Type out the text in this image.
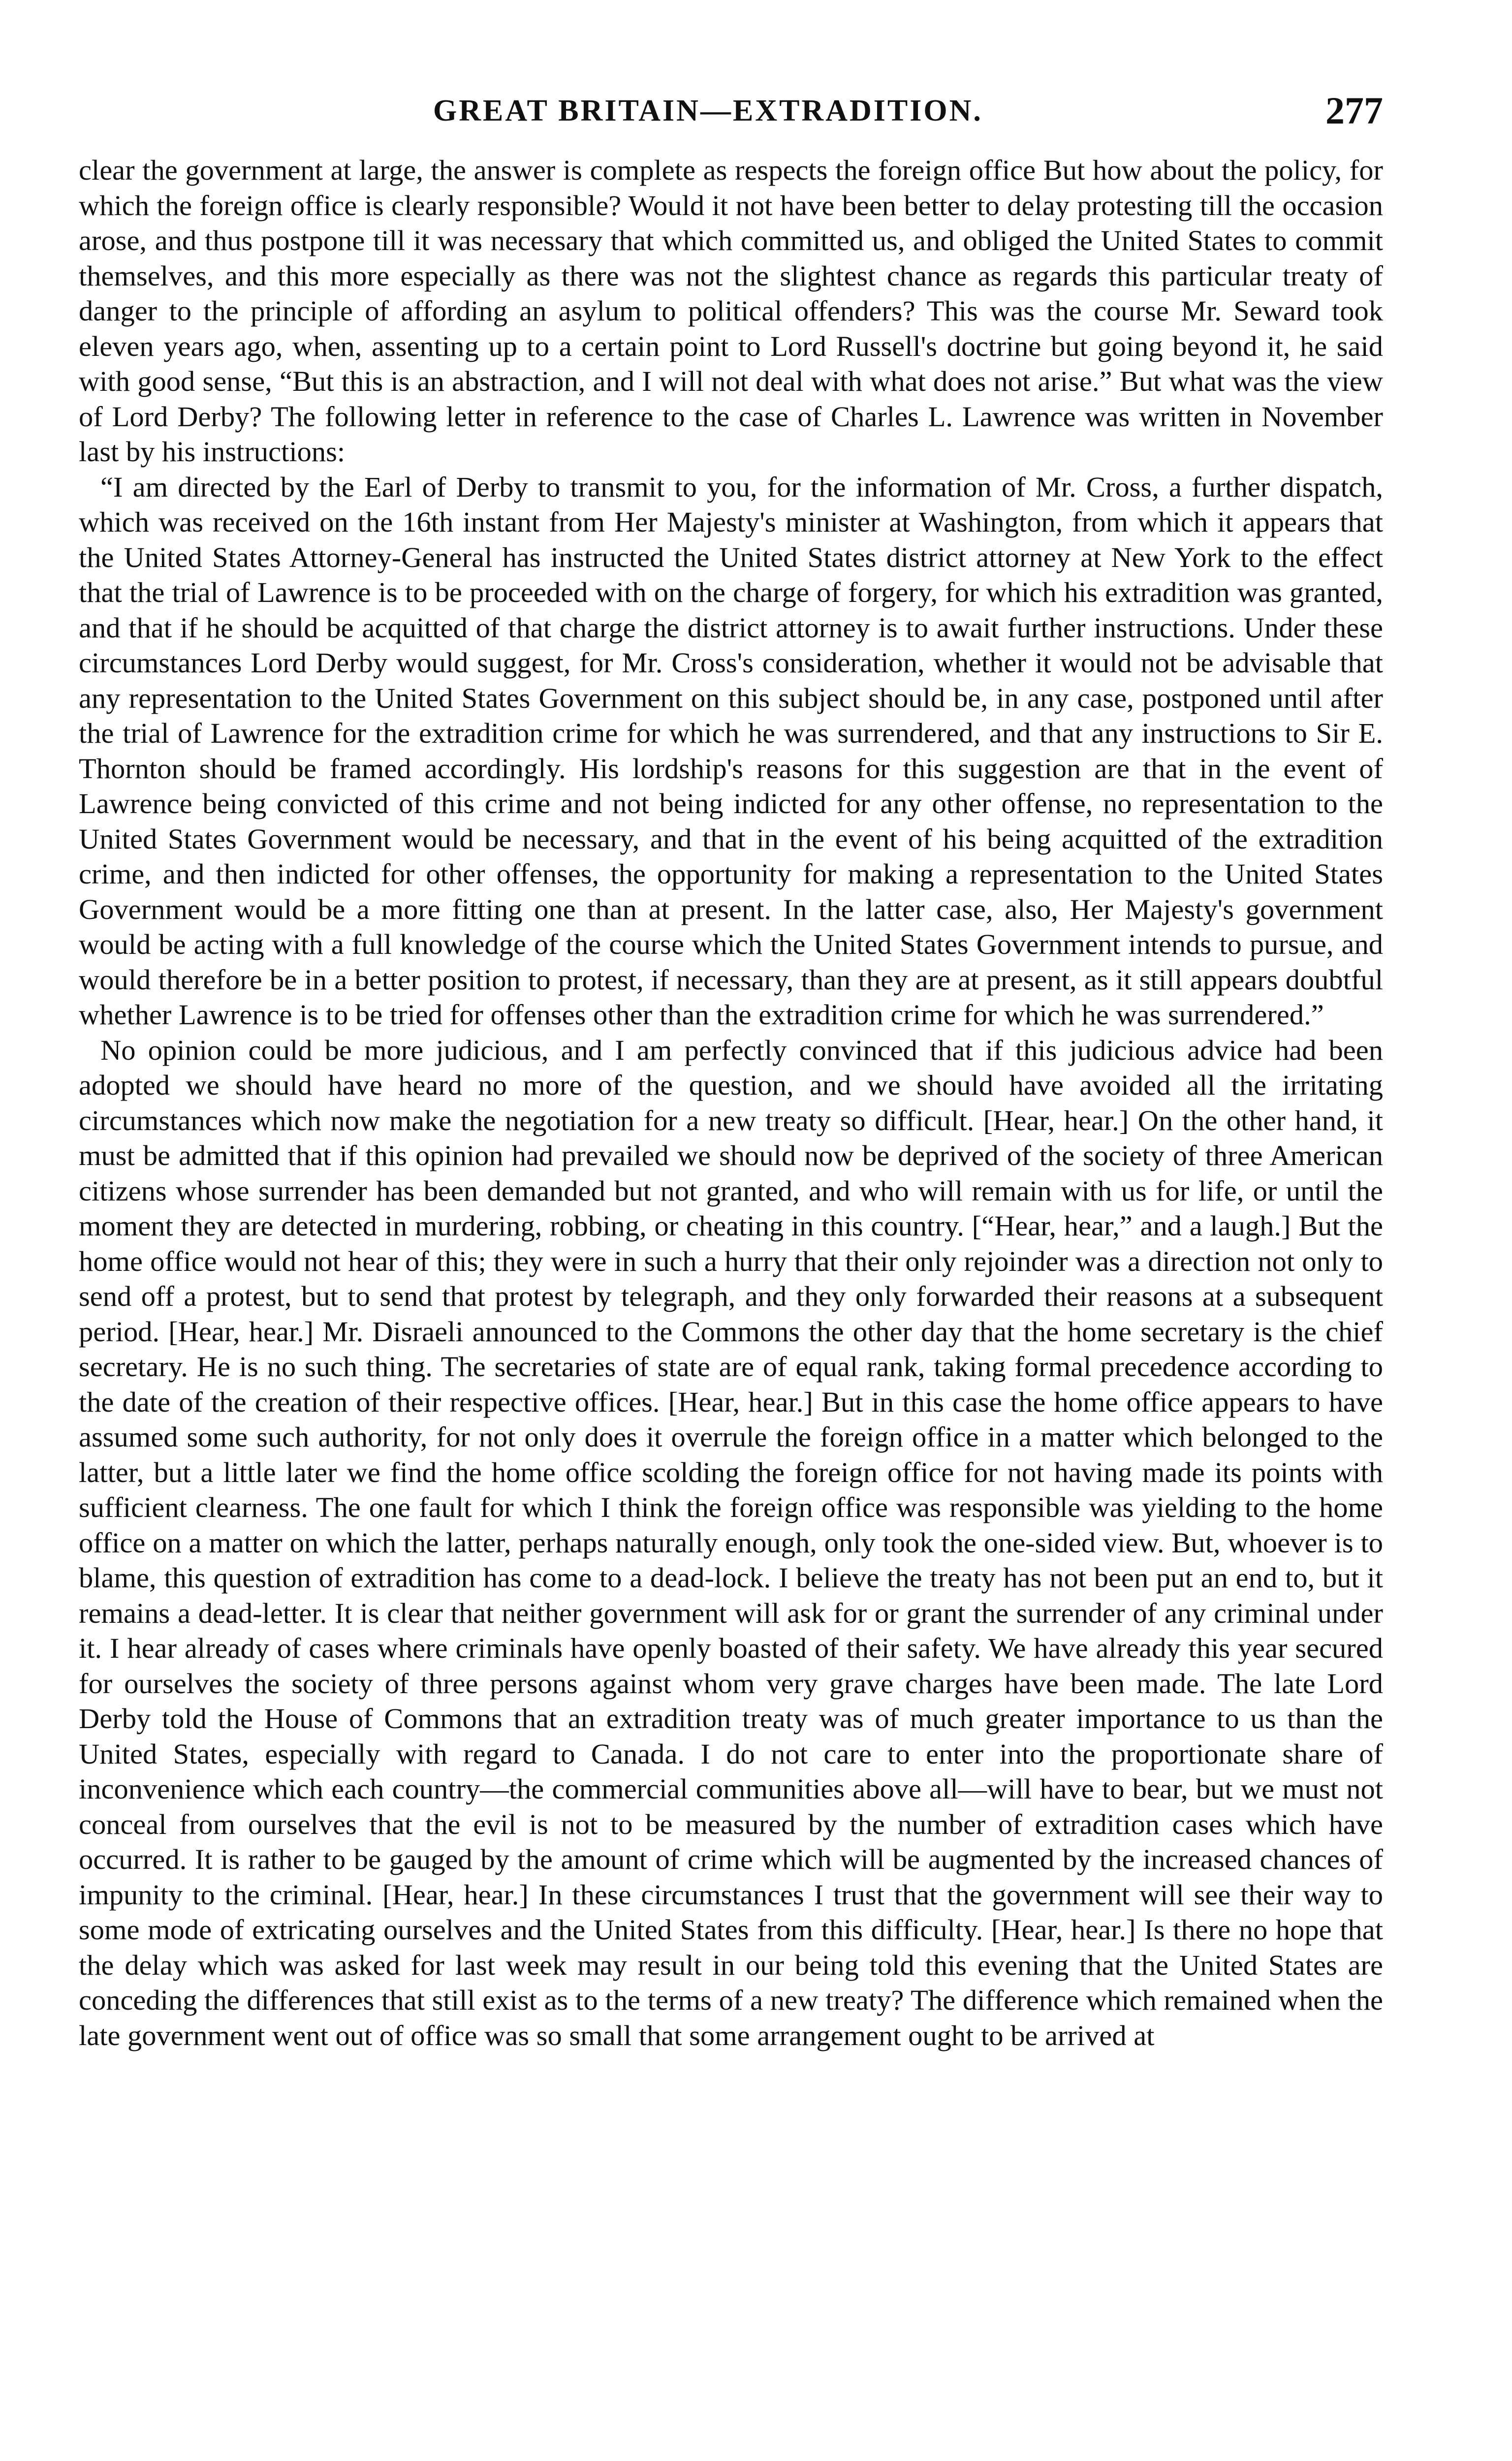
GREAT BRITAIN—EXTRADITION.	277

clear the government at large, the answer is complete as respects the foreign office But how about the policy, for which the foreign office is clearly responsible? Would it not have been better to delay protesting till the occasion arose, and thus postpone till it was necessary that which committed us, and obliged the United States to commit themselves, and this more especially as there was not the slightest chance as regards this particular treaty of danger to the principle of affording an asylum to political offenders? This was the course Mr. Seward took eleven years ago, when, assenting up to a certain point to Lord Russell's doctrine but going beyond it, he said with good sense, “But this is an abstraction, and I will not deal with what does not arise.” But what was the view of Lord Derby? The following letter in reference to the case of Charles L. Lawrence was written in November last by his instructions:

“I am directed by the Earl of Derby to transmit to you, for the information of Mr. Cross, a further dispatch, which was received on the 16th instant from Her Majesty's minister at Washington, from which it appears that the United States Attorney-General has instructed the United States district attorney at New York to the effect that the trial of Lawrence is to be proceeded with on the charge of forgery, for which his extradition was granted, and that if he should be acquitted of that charge the district attorney is to await further instructions. Under these circumstances Lord Derby would suggest, for Mr. Cross's consideration, whether it would not be advisable that any representation to the United States Government on this subject should be, in any case, postponed until after the trial of Lawrence for the extradition crime for which he was surrendered, and that any instructions to Sir E. Thornton should be framed accordingly. His lordship's reasons for this suggestion are that in the event of Lawrence being convicted of this crime and not being indicted for any other offense, no representation to the United States Government would be necessary, and that in the event of his being acquitted of the extradition crime, and then indicted for other offenses, the opportunity for making a representation to the United States Government would be a more fitting one than at present. In the latter case, also, Her Majesty's government would be acting with a full knowledge of the course which the United States Government intends to pursue, and would therefore be in a better position to protest, if necessary, than they are at present, as it still appears doubtful whether Lawrence is to be tried for offenses other than the extradition crime for which he was surrendered.”

No opinion could be more judicious, and I am perfectly convinced that if this judicious advice had been adopted we should have heard no more of the question, and we should have avoided all the irritating circumstances which now make the negotiation for a new treaty so difficult. [Hear, hear.] On the other hand, it must be admitted that if this opinion had prevailed we should now be deprived of the society of three American citizens whose surrender has been demanded but not granted, and who will remain with us for life, or until the moment they are detected in murdering, robbing, or cheating in this country. [“Hear, hear,” and a laugh.] But the home office would not hear of this; they were in such a hurry that their only rejoinder was a direction not only to send off a protest, but to send that protest by telegraph, and they only forwarded their reasons at a subsequent period. [Hear, hear.] Mr. Disraeli announced to the Commons the other day that the home secretary is the chief secretary. He is no such thing. The secretaries of state are of equal rank, taking formal precedence according to the date of the creation of their respective offices. [Hear, hear.] But in this case the home office appears to have assumed some such authority, for not only does it overrule the foreign office in a matter which belonged to the latter, but a little later we find the home office scolding the foreign office for not having made its points with sufficient clearness. The one fault for which I think the foreign office was responsible was yielding to the home office on a matter on which the latter, perhaps naturally enough, only took the one-sided view. But, whoever is to blame, this question of extradition has come to a dead-lock. I believe the treaty has not been put an end to, but it remains a dead-letter. It is clear that neither government will ask for or grant the surrender of any criminal under it. I hear already of cases where criminals have openly boasted of their safety. We have already this year secured for ourselves the society of three persons against whom very grave charges have been made. The late Lord Derby told the House of Commons that an extradition treaty was of much greater importance to us than the United States, especially with regard to Canada. I do not care to enter into the proportionate share of inconvenience which each country—the commercial communities above all—will have to bear, but we must not conceal from ourselves that the evil is not to be measured by the number of extradition cases which have occurred. It is rather to be gauged by the amount of crime which will be augmented by the increased chances of impunity to the criminal. [Hear, hear.] In these circumstances I trust that the government will see their way to some mode of extricating ourselves and the United States from this difficulty. [Hear, hear.] Is there no hope that the delay which was asked for last week may result in our being told this evening that the United States are conceding the differences that still exist as to the terms of a new treaty? The difference which remained when the late government went out of office was so small that some arrangement ought to be arrived at
